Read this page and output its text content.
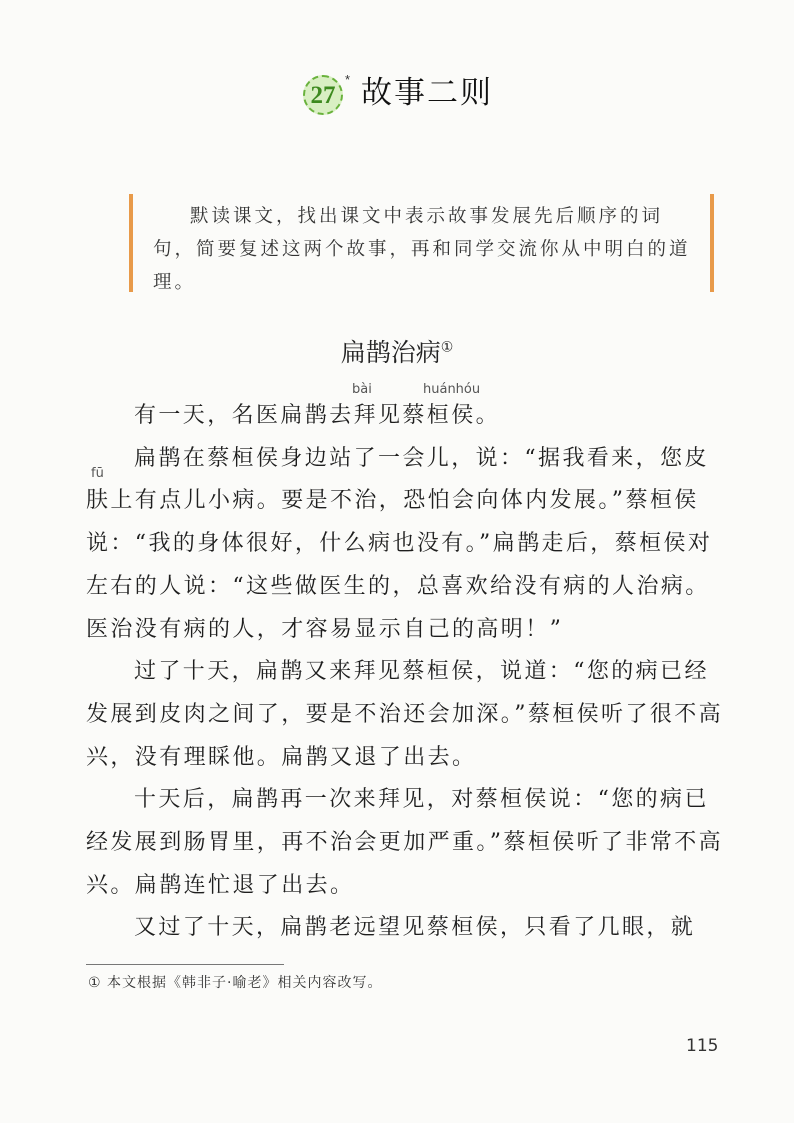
27
* 故事二则

默读课文，找出课文中表示故事发展先后顺序的词句，简要复述这两个故事，再和同学交流你从中明白的道理。

扁鹊治病①
bài	huánhóu
fū

有一天，名医扁鹊去拜见蔡桓侯。

扁鹊在蔡桓侯身边站了一会儿，说：“据我看来，您皮肤上有点儿小病。要是不治，恐怕会向体内发展。”蔡桓侯说：“我的身体很好，什么病也没有。”扁鹊走后，蔡桓侯对左右的人说：“这些做医生的，总喜欢给没有病的人治病。医治没有病的人，才容易显示自己的高明！”

过了十天，扁鹊又来拜见蔡桓侯，说道：“您的病已经发展到皮肉之间了，要是不治还会加深。”蔡桓侯听了很不高兴，没有理睬他。扁鹊又退了出去。

十天后，扁鹊再一次来拜见，对蔡桓侯说：“您的病已经发展到肠胃里，再不治会更加严重。”蔡桓侯听了非常不高兴。扁鹊连忙退了出去。

又过了十天，扁鹊老远望见蔡桓侯，只看了几眼，就

① 本文根据《韩非子·喻老》相关内容改写。

115
